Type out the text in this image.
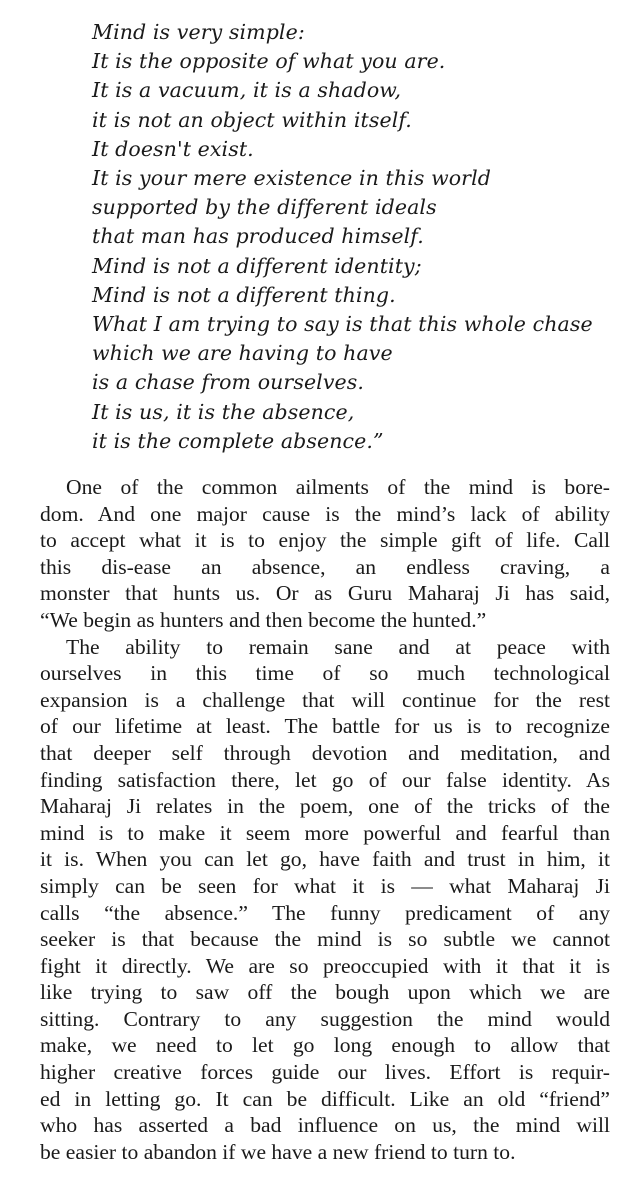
Mind is very simple:
It is the opposite of what you are.
It is a vacuum, it is a shadow,
it is not an object within itself.
It doesn't exist.
It is your mere existence in this world
supported by the different ideals
that man has produced himself.
Mind is not a different identity;
Mind is not a different thing.
What I am trying to say is that this whole chase
which we are having to have
is a chase from ourselves.
It is us, it is the absence,
it is the complete absence.”
One of the common ailments of the mind is bore-
dom. And one major cause is the mind’s lack of ability
to accept what it is to enjoy the simple gift of life. Call
this dis-ease an absence, an endless craving, a
monster that hunts us. Or as Guru Maharaj Ji has said,
“We begin as hunters and then become the hunted.”
The ability to remain sane and at peace with
ourselves in this time of so much technological
expansion is a challenge that will continue for the rest
of our lifetime at least. The battle for us is to recognize
that deeper self through devotion and meditation, and
finding satisfaction there, let go of our false identity. As
Maharaj Ji relates in the poem, one of the tricks of the
mind is to make it seem more powerful and fearful than
it is. When you can let go, have faith and trust in him, it
simply can be seen for what it is — what Maharaj Ji
calls “the absence.” The funny predicament of any
seeker is that because the mind is so subtle we cannot
fight it directly. We are so preoccupied with it that it is
like trying to saw off the bough upon which we are
sitting. Contrary to any suggestion the mind would
make, we need to let go long enough to allow that
higher creative forces guide our lives. Effort is requir-
ed in letting go. It can be difficult. Like an old “friend”
who has asserted a bad influence on us, the mind will
be easier to abandon if we have a new friend to turn to.
